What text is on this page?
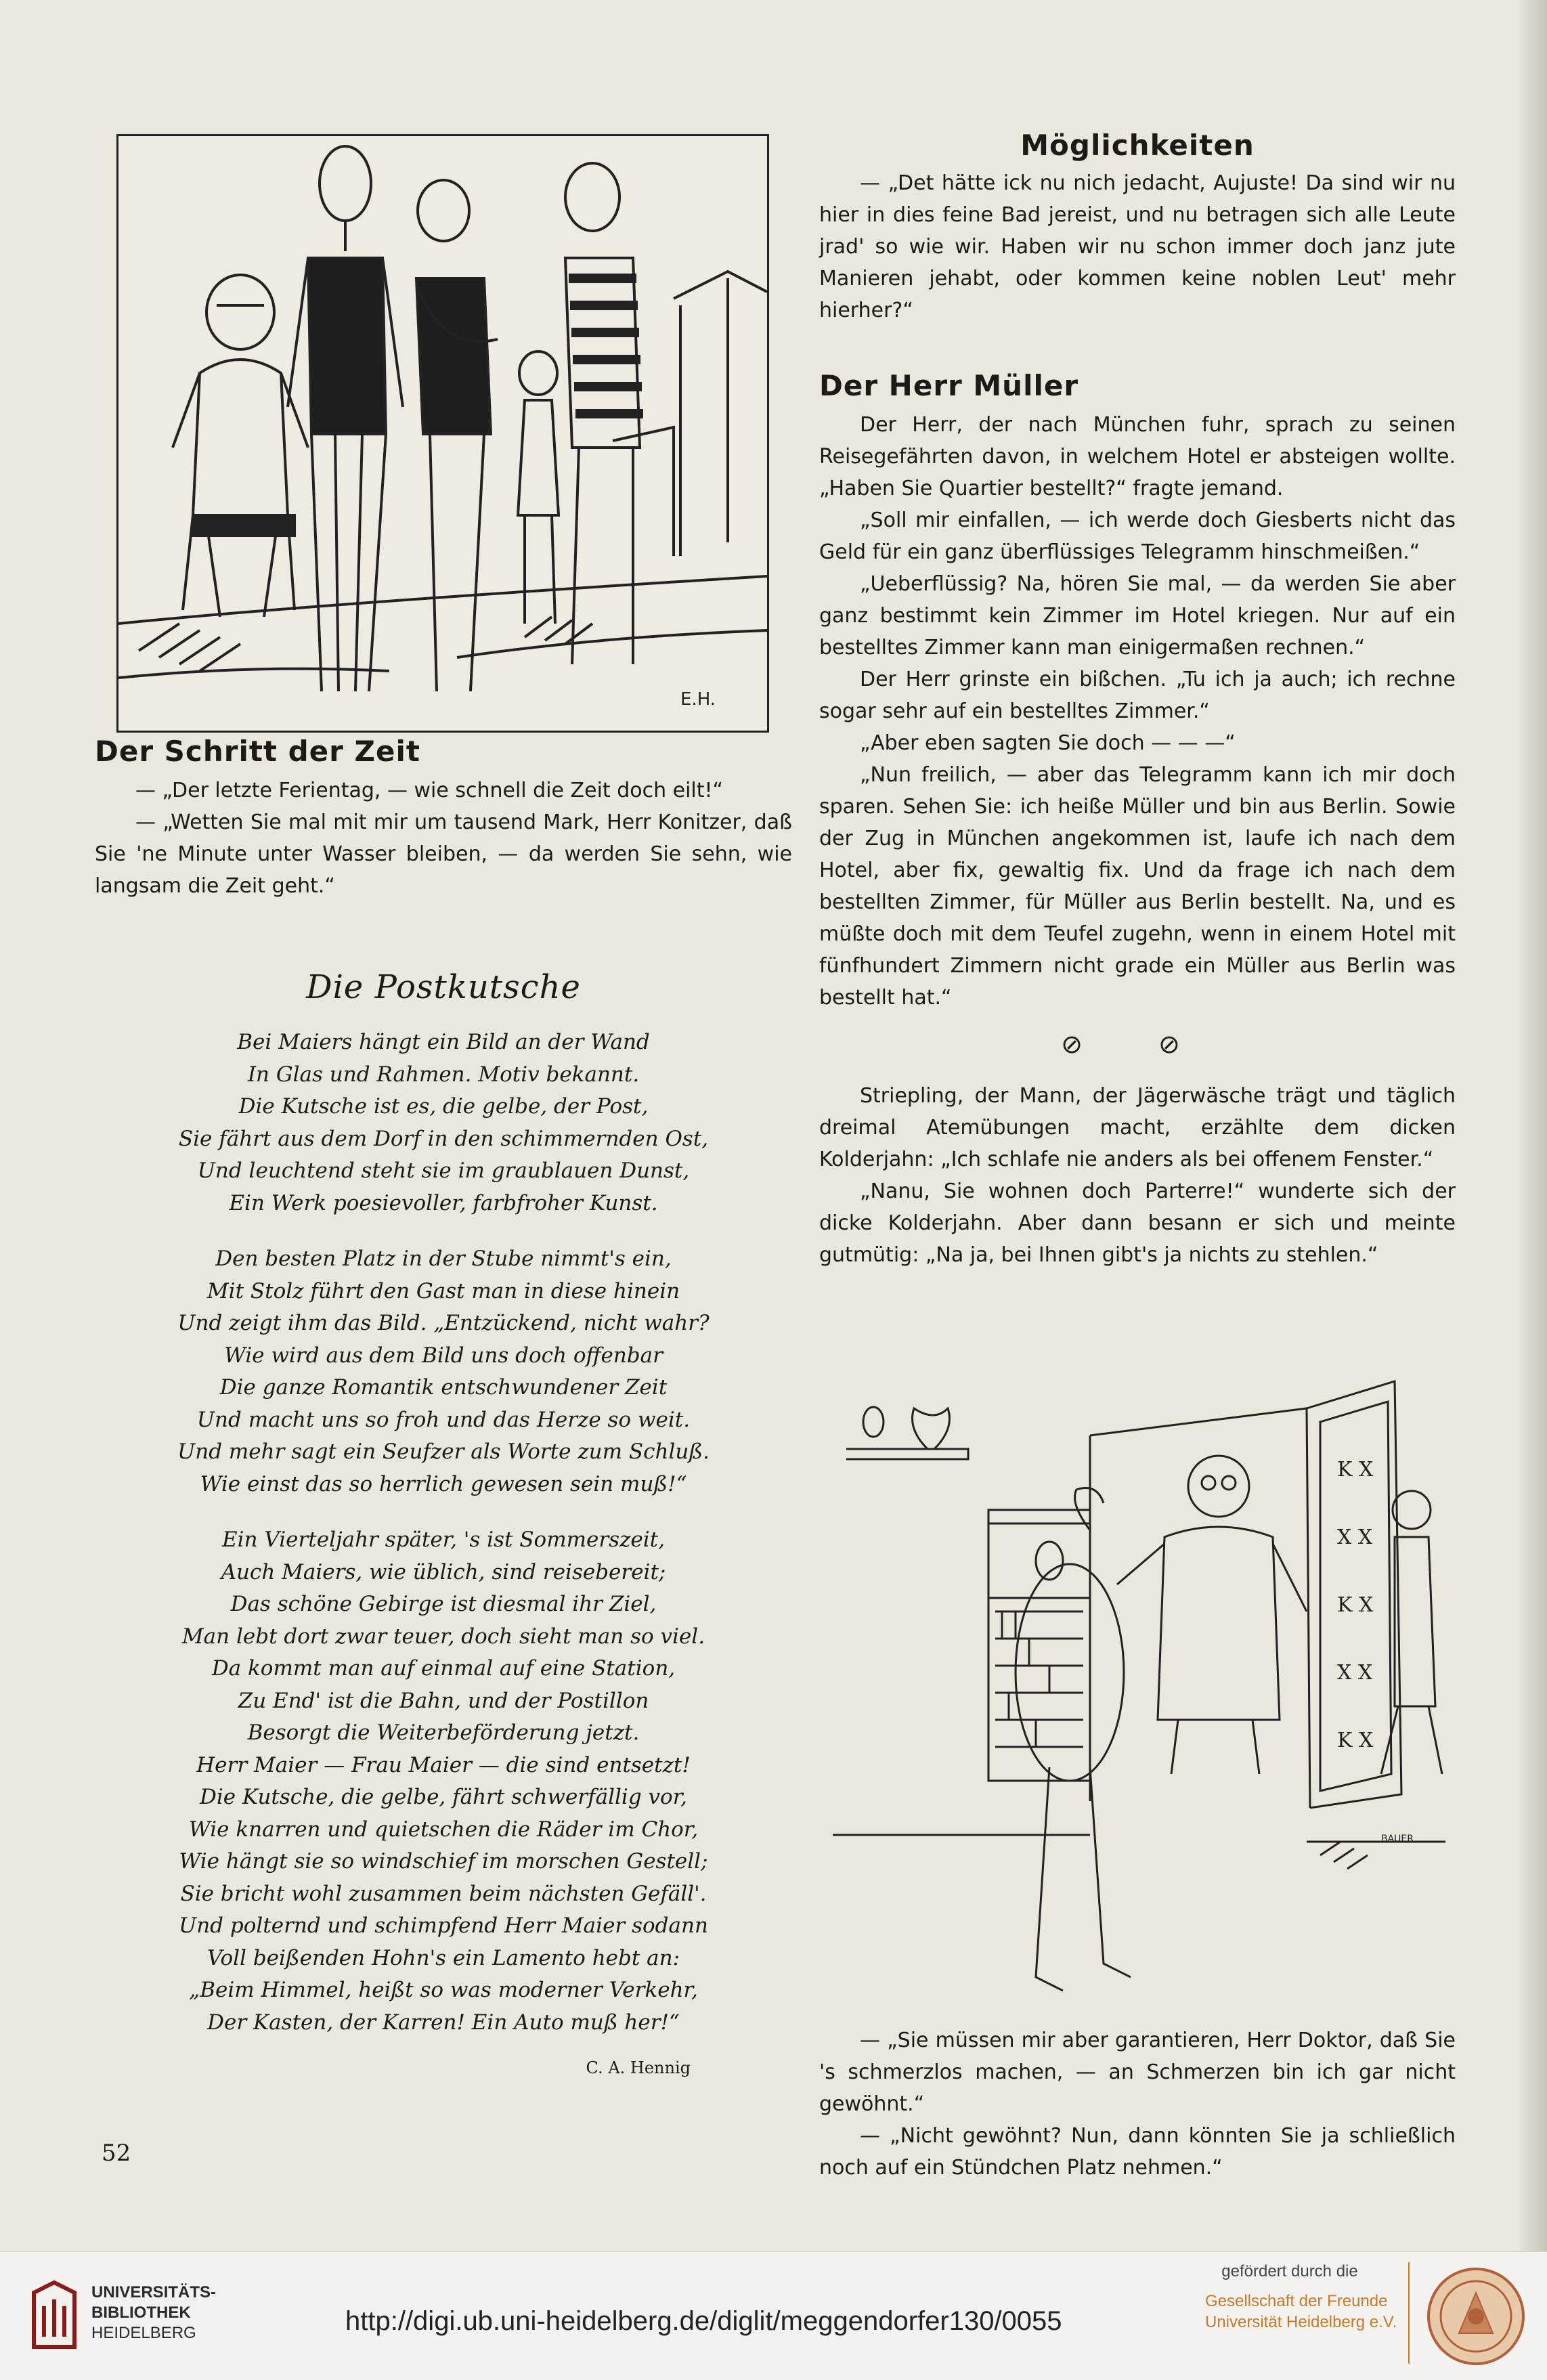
E.H.
Der Schritt der Zeit

— „Der letzte Ferientag, — wie schnell die Zeit doch eilt!“

— „Wetten Sie mal mit mir um tausend Mark, Herr Konitzer, daß Sie 'ne Minute unter Wasser bleiben, — da werden Sie sehn, wie langsam die Zeit geht.“

Die Postkutsche
Bei Maiers hängt ein Bild an der Wand
In Glas und Rahmen. Motiv bekannt.
Die Kutsche ist es, die gelbe, der Post,
Sie fährt aus dem Dorf in den schimmernden Ost,
Und leuchtend steht sie im graublauen Dunst,
Ein Werk poesievoller, farbfroher Kunst.
Den besten Platz in der Stube nimmt's ein,
Mit Stolz führt den Gast man in diese hinein
Und zeigt ihm das Bild. „Entzückend, nicht wahr?
Wie wird aus dem Bild uns doch offenbar
Die ganze Romantik entschwundener Zeit
Und macht uns so froh und das Herze so weit.
Und mehr sagt ein Seufzer als Worte zum Schluß.
Wie einst das so herrlich gewesen sein muß!“
Ein Vierteljahr später, 's ist Sommerszeit,
Auch Maiers, wie üblich, sind reisebereit;
Das schöne Gebirge ist diesmal ihr Ziel,
Man lebt dort zwar teuer, doch sieht man so viel.
Da kommt man auf einmal auf eine Station,
Zu End' ist die Bahn, und der Postillon
Besorgt die Weiterbeförderung jetzt.
Herr Maier — Frau Maier — die sind entsetzt!
Die Kutsche, die gelbe, fährt schwerfällig vor,
Wie knarren und quietschen die Räder im Chor,
Wie hängt sie so windschief im morschen Gestell;
Sie bricht wohl zusammen beim nächsten Gefäll'.
Und polternd und schimpfend Herr Maier sodann
Voll beißenden Hohn's ein Lamento hebt an:
„Beim Himmel, heißt so was moderner Verkehr,
Der Kasten, der Karren! Ein Auto muß her!“
C. A. Hennig
52
Möglichkeiten

— „Det hätte ick nu nich jedacht, Aujuste! Da sind wir nu hier in dies feine Bad jereist, und nu betragen sich alle Leute jrad' so wie wir. Haben wir nu schon immer doch janz jute Manieren jehabt, oder kommen keine noblen Leut' mehr hierher?“

Der Herr Müller

Der Herr, der nach München fuhr, sprach zu seinen Reisegefährten davon, in welchem Hotel er absteigen wollte. „Haben Sie Quartier bestellt?“ fragte jemand.

„Soll mir einfallen, — ich werde doch Giesberts nicht das Geld für ein ganz überflüssiges Telegramm hinschmeißen.“

„Ueberflüssig? Na, hören Sie mal, — da werden Sie aber ganz bestimmt kein Zimmer im Hotel kriegen. Nur auf ein bestelltes Zimmer kann man einigermaßen rechnen.“

Der Herr grinste ein bißchen. „Tu ich ja auch; ich rechne sogar sehr auf ein bestelltes Zimmer.“

„Aber eben sagten Sie doch — — —“

„Nun freilich, — aber das Telegramm kann ich mir doch sparen. Sehen Sie: ich heiße Müller und bin aus Berlin. Sowie der Zug in München angekommen ist, laufe ich nach dem Hotel, aber fix, gewaltig fix. Und da frage ich nach dem bestellten Zimmer, für Müller aus Berlin bestellt. Na, und es müßte doch mit dem Teufel zugehn, wenn in einem Hotel mit fünfhundert Zimmern nicht grade ein Müller aus Berlin was bestellt hat.“

⊘ ⊘

Striepling, der Mann, der Jägerwäsche trägt und täglich dreimal Atemübungen macht, erzählte dem dicken Kolderjahn: „Ich schlafe nie anders als bei offenem Fenster.“

„Nanu, Sie wohnen doch Parterre!“ wunderte sich der dicke Kolderjahn. Aber dann besann er sich und meinte gutmütig: „Na ja, bei Ihnen gibt's ja nichts zu stehlen.“

K X
X X
K X
X X
K X
BAUER

— „Sie müssen mir aber garantieren, Herr Doktor, daß Sie 's schmerzlos machen, — an Schmerzen bin ich gar nicht gewöhnt.“

— „Nicht gewöhnt? Nun, dann könnten Sie ja schließlich noch auf ein Stündchen Platz nehmen.“

UNIVERSITÄTS-
BIBLIOTHEK
HEIDELBERG	http://digi.ub.uni-heidelberg.de/diglit/meggendorfer130/0055
gefördert durch die
Gesellschaft der Freunde
Universität Heidelberg e.V.
